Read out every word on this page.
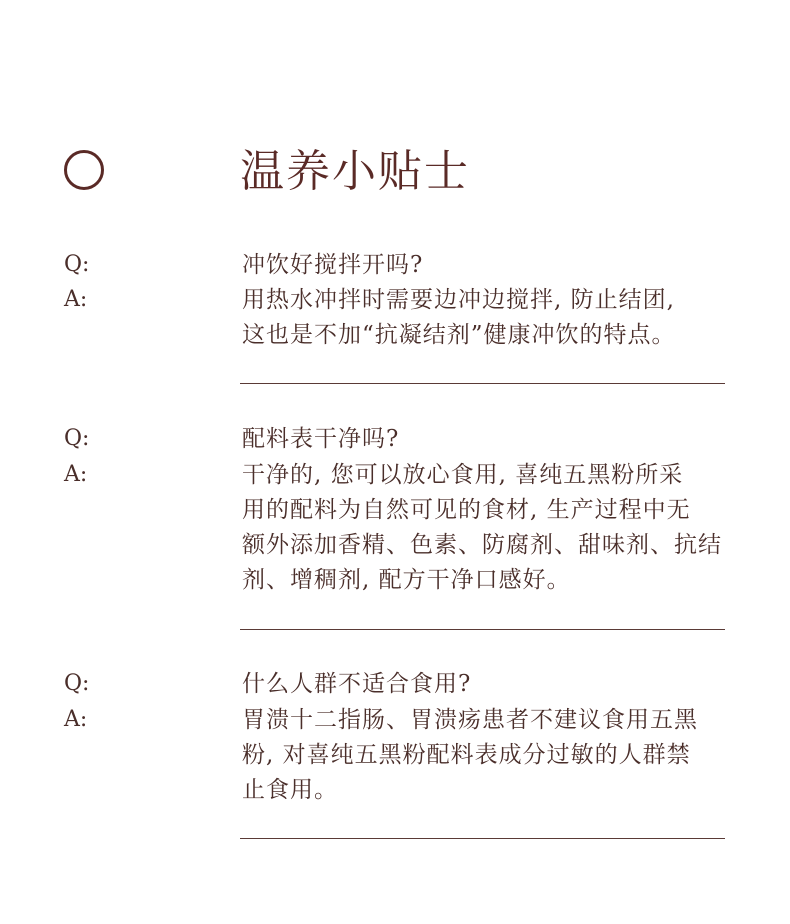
温养小贴士
Q:	冲饮好搅拌开吗?
A:	用热水冲拌时需要边冲边搅拌, 防止结团,
这也是不加“抗凝结剂”健康冲饮的特点。
Q:	配料表干净吗?
A:	干净的, 您可以放心食用, 喜纯五黑粉所采
用的配料为自然可见的食材, 生产过程中无
额外添加香精、色素、防腐剂、甜味剂、抗结
剂、增稠剂, 配方干净口感好。
Q:	什么人群不适合食用?
A:	胃溃十二指肠、胃溃疡患者不建议食用五黑
粉, 对喜纯五黑粉配料表成分过敏的人群禁
止食用。
